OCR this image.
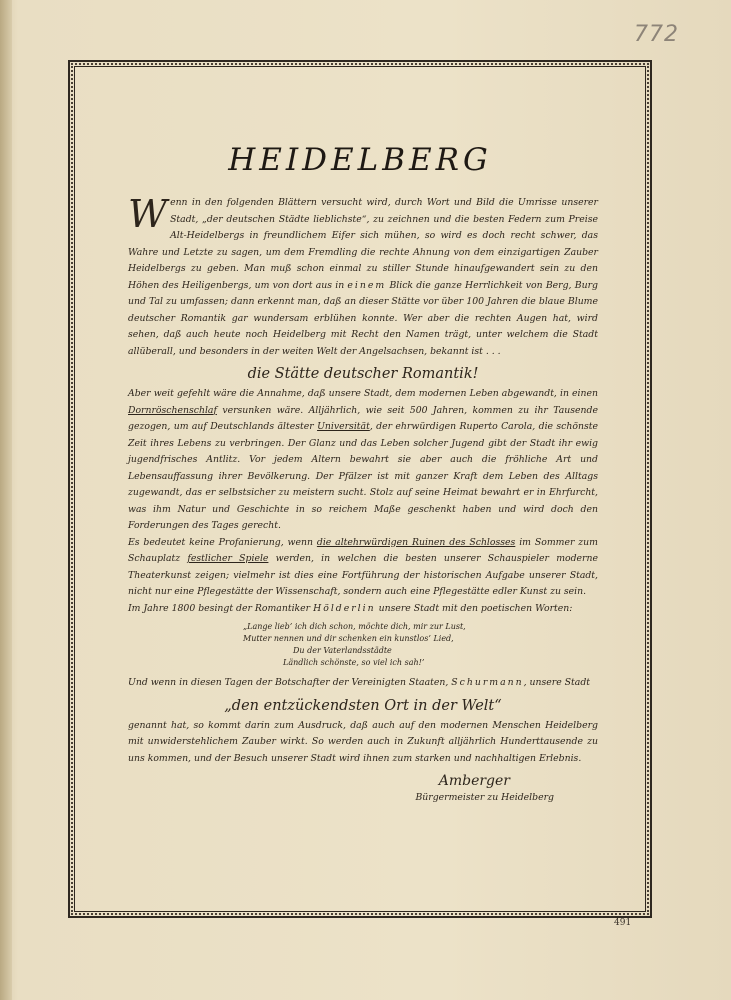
772
HEIDELBERG

Wenn in den folgenden Blättern versucht wird, durch Wort und Bild die Umrisse unserer Stadt, „der deutschen Städte lieblichste“, zu zeichnen und die besten Federn zum Preise Alt-Heidelbergs in freundlichem Eifer sich mühen, so wird es doch recht schwer, das Wahre und Letzte zu sagen, um dem Fremdling die rechte Ahnung von dem einzigartigen Zauber Heidelbergs zu geben. Man muß schon einmal zu stiller Stunde hinaufgewandert sein zu den Höhen des Heiligenbergs, um von dort aus in einem Blick die ganze Herrlichkeit von Berg, Burg und Tal zu umfassen; dann erkennt man, daß an dieser Stätte vor über 100 Jahren die blaue Blume deutscher Romantik gar wundersam erblühen konnte. Wer aber die rechten Augen hat, wird sehen, daß auch heute noch Heidelberg mit Recht den Namen trägt, unter welchem die Stadt allüberall, und besonders in der weiten Welt der Angelsachsen, bekannt ist . . .

die Stätte deutscher Romantik!

Aber weit gefehlt wäre die Annahme, daß unsere Stadt, dem modernen Leben abgewandt, in einen Dornröschenschlaf versunken wäre. Alljährlich, wie seit 500 Jahren, kommen zu ihr Tausende gezogen, um auf Deutschlands ältester Universität, der ehrwürdigen Ruperto Carola, die schönste Zeit ihres Lebens zu verbringen. Der Glanz und das Leben solcher Jugend gibt der Stadt ihr ewig jugendfrisches Antlitz. Vor jedem Altern bewahrt sie aber auch die fröhliche Art und Lebensauffassung ihrer Bevölkerung. Der Pfälzer ist mit ganzer Kraft dem Leben des Alltags zugewandt, das er selbstsicher zu meistern sucht. Stolz auf seine Heimat bewahrt er in Ehrfurcht, was ihm Natur und Geschichte in so reichem Maße geschenkt haben und wird doch den Forderungen des Tages gerecht.

Es bedeutet keine Profanierung, wenn die altehrwürdigen Ruinen des Schlosses im Sommer zum Schauplatz festlicher Spiele werden, in welchen die besten unserer Schauspieler moderne Theaterkunst zeigen; vielmehr ist dies eine Fortführung der historischen Aufgabe unserer Stadt, nicht nur eine Pflegestätte der Wissenschaft, sondern auch eine Pflegestätte edler Kunst zu sein.

Im Jahre 1800 besingt der Romantiker Hölderlin unsere Stadt mit den poetischen Worten:

„Lange lieb’ ich dich schon, möchte dich, mir zur Lust,
Mutter nennen und dir schenken ein kunstlos’ Lied,
Du der Vaterlandsstädte
Ländlich schönste, so viel ich sah!’

Und wenn in diesen Tagen der Botschafter der Vereinigten Staaten, Schurmann, unsere Stadt

„den entzückendsten Ort in der Welt“

genannt hat, so kommt darin zum Ausdruck, daß auch auf den modernen Menschen Heidelberg mit unwiderstehlichem Zauber wirkt. So werden auch in Zukunft alljährlich Hunderttausende zu uns kommen, und der Besuch unserer Stadt wird ihnen zum starken und nachhaltigen Erlebnis.

Amberger
Bürgermeister zu Heidelberg
491
